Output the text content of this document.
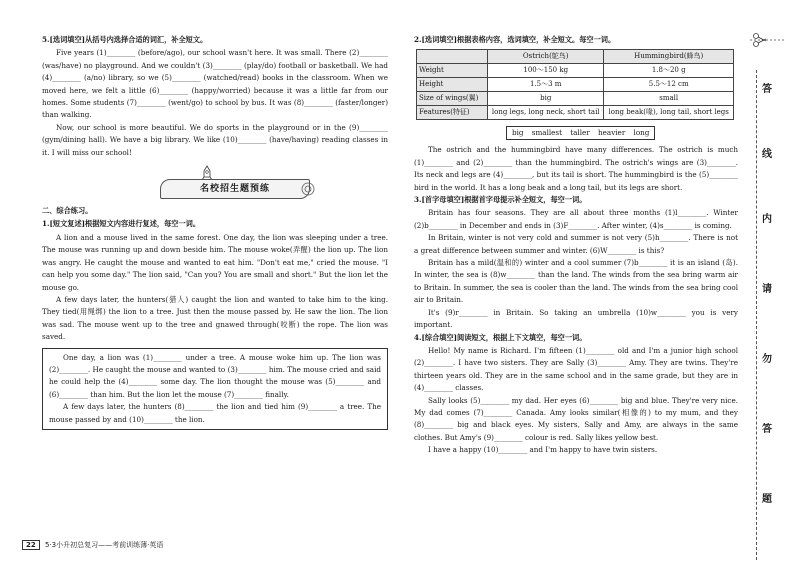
5.[选词填空]从括号内选择合适的词汇，补全短文。

Five years (1)________ (before/ago), our school wasn't here. It was small. There (2)________ (was/have) no playground. And we couldn't (3)________ (play/do) football or basketball. We had (4)________ (a/no) library, so we (5)________ (watched/read) books in the classroom. When we moved here, we felt a little (6)________ (happy/worried) because it was a little far from our homes. Some students (7)________ (went/go) to school by bus. It was (8)________ (faster/longer) than walking.

Now, our school is more beautiful. We do sports in the playground or in the (9)________ (gym/dining hall). We have a big library. We like (10)________ (have/having) reading classes in it. I will miss our school!

名校招生题预练
二、综合练习。
1.[短文复述]根据短文内容进行复述，每空一词。

A lion and a mouse lived in the same forest. One day, the lion was sleeping under a tree. The mouse was running up and down beside him. The mouse woke(弄醒) the lion up. The lion was angry. He caught the mouse and wanted to eat him. "Don't eat me," cried the mouse. "I can help you some day." The lion said, "Can you? You are small and short." But the lion let the mouse go.

A few days later, the hunters(猎人) caught the lion and wanted to take him to the king. They tied(用绳绑) the lion to a tree. Just then the mouse passed by. He saw the lion. The lion was sad. The mouse went up to the tree and gnawed through(咬断) the rope. The lion was saved.

One day, a lion was (1)________ under a tree. A mouse woke him up. The lion was (2)________. He caught the mouse and wanted to (3)________ him. The mouse cried and said he could help the (4)________ some day. The lion thought the mouse was (5)________ and (6)________ than him. But the lion let the mouse (7)________ finally.

A few days later, the hunters (8)________ the lion and tied him (9)________ a tree. The mouse passed by and (10)________ the lion.

2.[选词填空]根据表格内容，选词填空，补全短文。每空一词。
	Ostrich(鸵鸟)	Hummingbird(蜂鸟)
Weight	100～150 kg	1.8～20 g
Height	1.5～3 m	5.5～12 cm
Size of wings(翼)	big	small
Features(特征)	long legs, long neck, short tail	long beak(喙), long tail, short legs
big smallest taller heavier long

The ostrich and the hummingbird have many differences. The ostrich is much (1)________ and (2)________ than the hummingbird. The ostrich's wings are (3)________. Its neck and legs are (4)________, but its tail is short. The hummingbird is the (5)________ bird in the world. It has a long beak and a long tail, but its legs are short.

3.[首字母填空]根据首字母提示补全短文，每空一词。

Britain has four seasons. They are all about three months (1)l________. Winter (2)b________ in December and ends in (3)F________. After winter, (4)s________ is coming.

In Britain, winter is not very cold and summer is not very (5)h________. There is not a great difference between summer and winter. (6)W________ is this?

Britain has a mild(温和的) winter and a cool summer (7)b________ it is an island (岛). In winter, the sea is (8)w________ than the land. The winds from the sea bring warm air to Britain. In summer, the sea is cooler than the land. The winds from the sea bring cool air to Britain.

It's (9)r________ in Britain. So taking an umbrella (10)w________ you is very important.

4.[综合填空]阅读短文，根据上下文填空，每空一词。

Hello! My name is Richard. I'm fifteen (1)________ old and I'm a junior high school (2)________. I have two sisters. They are Sally (3)________ Amy. They are twins. They're thirteen years old. They are in the same school and in the same grade, but they are in (4)________ classes.

Sally looks (5)________ my dad. Her eyes (6)________ big and blue. They're very nice. My dad comes (7)________ Canada. Amy looks similar(相像的) to my mum, and they (8)________ big and black eyes. My sisters, Sally and Amy, are always in the same clothes. But Amy's (9)________ colour is red. Sally likes yellow best.

I have a happy (10)________ and I'm happy to have twin sisters.

22 5·3小升初总复习——考前训练薄·英语
答
线
内
请
勿
答
题
